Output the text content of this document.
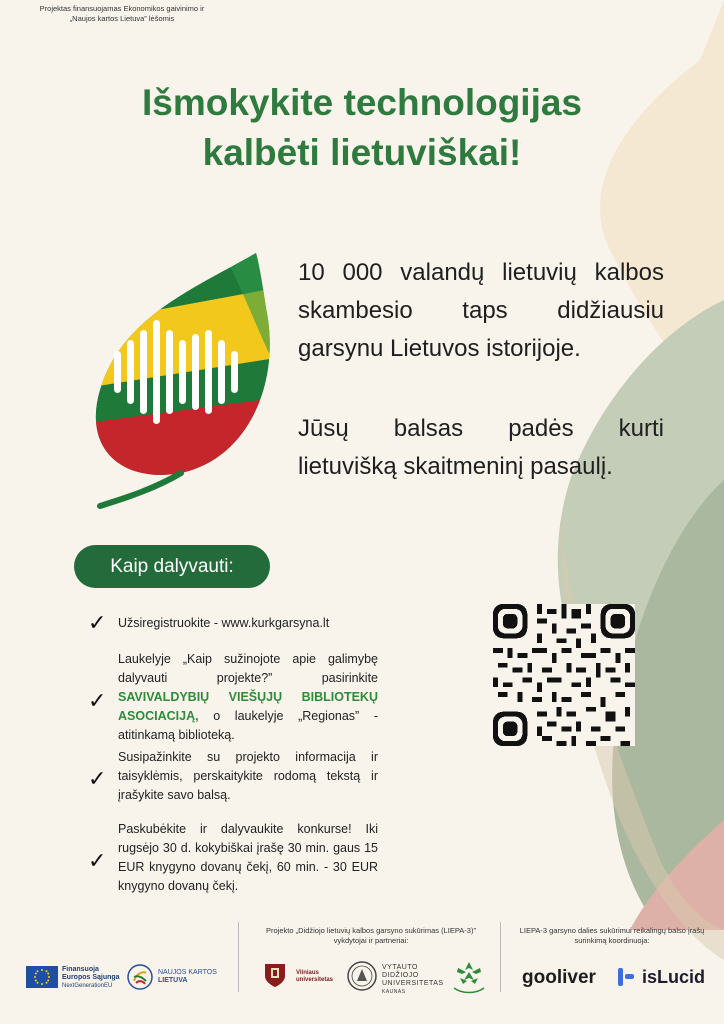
Išmokykite technologijas
kalbėti lietuviškai!

10 000 valandų lietuvių kalbos

skambesio taps didžiausiu

garsynu Lietuvos istorijoje.

Jūsų balsas padės kurti
lietuvišką skaitmeninį pasaulį.
Kaip dalyvauti:
✓ Užsiregistruokite - www.kurkgarsyna.lt
✓
Laukelyje „Kaip sužinojote apie galimybę dalyvauti projekte?” pasirinkite SAVIVALDYBIŲ VIEŠŲJŲ BIBLIOTEKŲ ASOCIACIJĄ, o laukelyje „Regionas” - atitinkamą biblioteką.
✓
Susipažinkite su projekto informacija ir taisyklėmis, perskaitykite rodomą tekstą ir įrašykite savo balsą.
✓
Paskubėkite ir dalyvaukite konkurse! Iki rugsėjo 30 d. kokybiškai įrašę 30 min. gaus 15 EUR knygyno dovanų čekį, 60 min. - 30 EUR knygyno dovanų čekį.
Projektas finansuojamas Ekonomikos gaivinimo ir
„Naujos kartos Lietuva” lėšomis
Projekto „Didžiojo lietuvių kalbos garsyno sukūrimas (LIEPA-3)”
vykdytojai ir partneriai:
LIEPA-3 garsyno dalies sukūrimui reikalingų balso įrašų
surinkimą koordinuoja:
Finansuoja
Europos Sąjunga
NextGenerationEU
NAUJOS KARTOS
LIETUVA
Vilniaus
universitetas
VYTAUTO
DIDŽIOJO
UNIVERSITETAS
KAUNAS
gooliver	isLucid
